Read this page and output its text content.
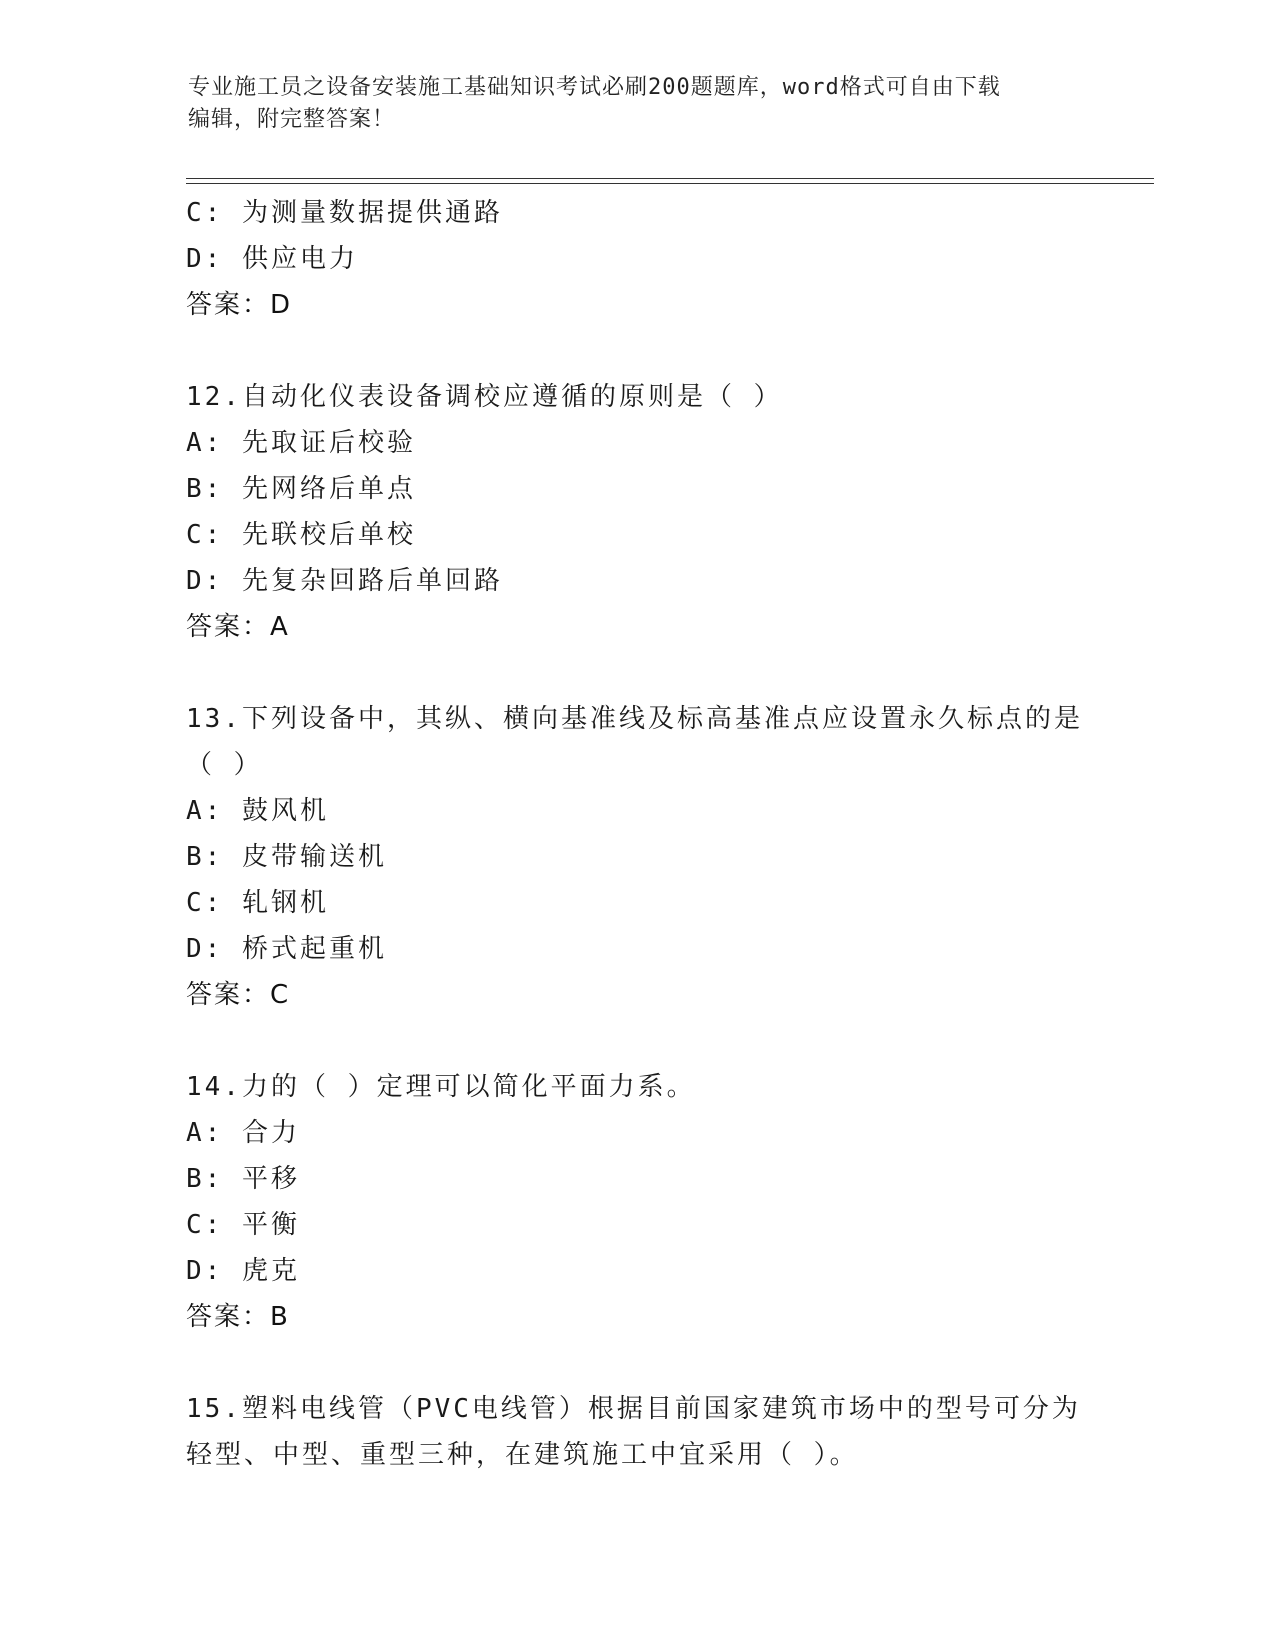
专业施工员之设备安装施工基础知识考试必刷200题题库，word格式可自由下载
编辑，附完整答案！
C: 为测量数据提供通路
D: 供应电力
答案：D
12.自动化仪表设备调校应遵循的原则是（ ）
A: 先取证后校验
B: 先网络后单点
C: 先联校后单校
D: 先复杂回路后单回路
答案：A
13.下列设备中，其纵、横向基准线及标高基准点应设置永久标点的是
（ ）
A: 鼓风机
B: 皮带输送机
C: 轧钢机
D: 桥式起重机
答案：C
14.力的（ ）定理可以简化平面力系。
A: 合力
B: 平移
C: 平衡
D: 虎克
答案：B
15.塑料电线管（PVC电线管）根据目前国家建筑市场中的型号可分为
轻型、中型、重型三种，在建筑施工中宜采用（ ）。
